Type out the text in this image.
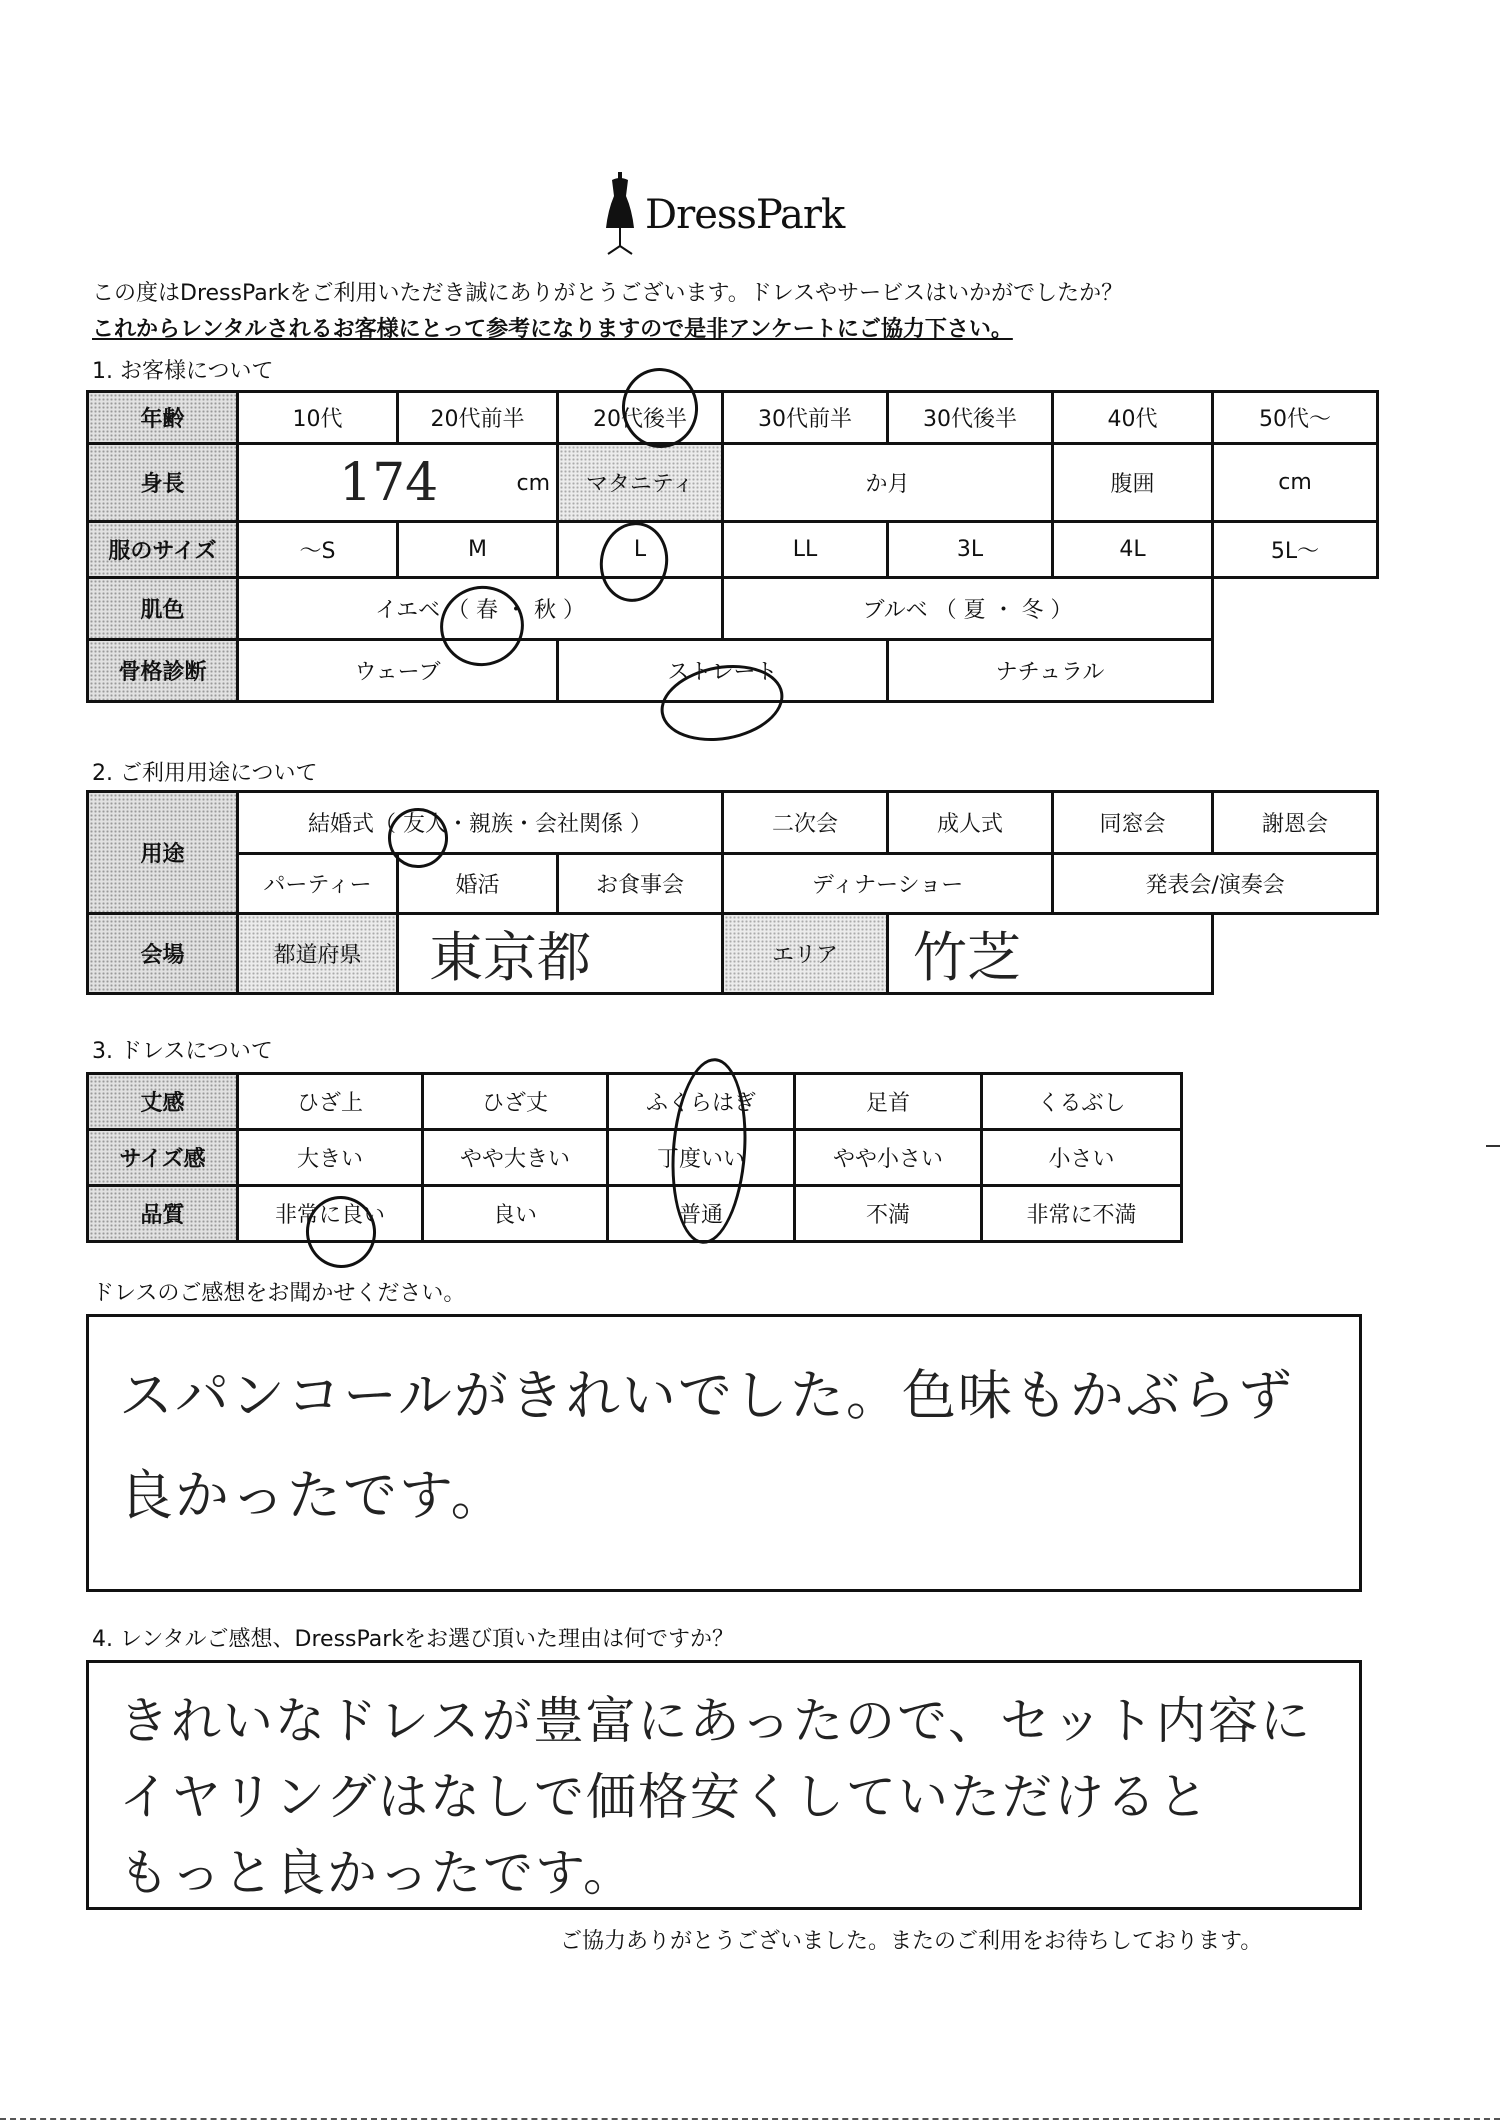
DressPark
この度はDressParkをご利用いただき誠にありがとうございます。ドレスやサービスはいかがでしたか？
これからレンタルされるお客様にとって参考になりますので是非アンケートにご協力下さい。
1. お客様について
年齢	10代	20代前半	20代後半	30代前半	30代後半	40代	50代～
身長	174 cm		マタニティ	か月		腹囲	cm
服のサイズ	～S	M	L	LL	3L	4L	5L～
肌色	イエベ （ 春 ・ 秋 ）			ブルベ （ 夏 ・ 冬 ）			
骨格診断	ウェーブ		ストレート		ナチュラル		
2. ご利用用途について
用途	結婚式（ 友人・親族・会社関係 ）			二次会	成人式	同窓会	謝恩会
	パーティー	婚活	お食事会	ディナーショー		発表会/演奏会	
会場	都道府県	東京都		エリア	竹芝		
3. ドレスについて
丈感	ひざ上	ひざ丈	ふくらはぎ	足首	くるぶし
サイズ感	大きい	やや大きい	丁度いい	やや小さい	小さい
品質	非常に良い	良い	普通	不満	非常に不満
ドレスのご感想をお聞かせください。
スパンコールがきれいでした。色味もかぶらず
良かったです。
4. レンタルご感想、DressParkをお選び頂いた理由は何ですか？
きれいなドレスが豊富にあったので、セット内容に
イヤリングはなしで価格安くしていただけると
もっと良かったです。
ご協力ありがとうございました。またのご利用をお待ちしております。
